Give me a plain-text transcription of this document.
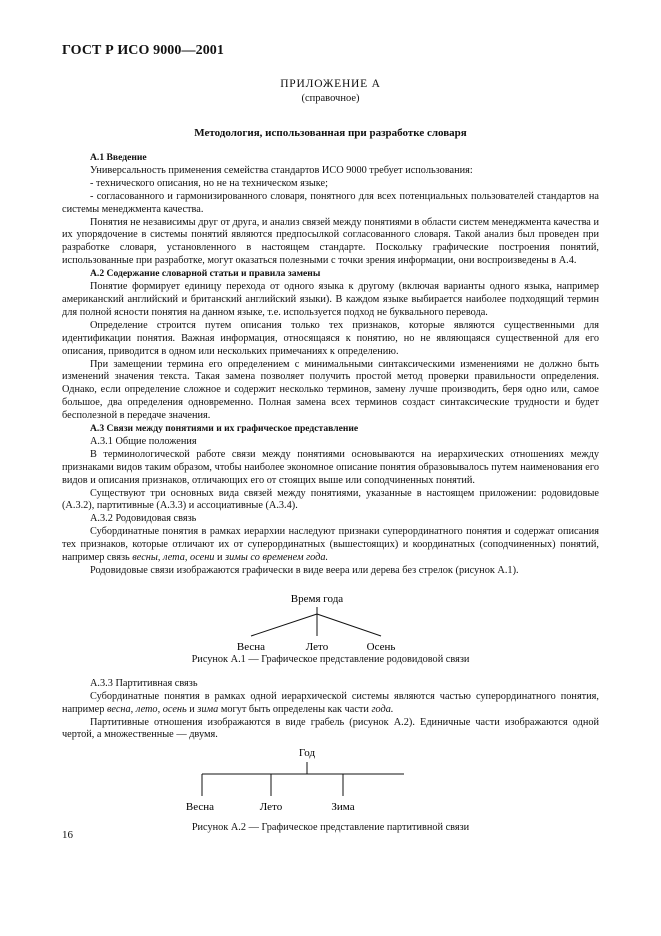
ГОСТ Р ИСО 9000—2001
ПРИЛОЖЕНИЕ А
(справочное)
Методология, использованная при разработке словаря

А.1 Введение

Универсальность применения семейства стандартов ИСО 9000 требует использования:

- технического описания, но не на техническом языке;

- согласованного и гармонизированного словаря, понятного для всех потенциальных пользователей стандартов на системы менеджмента качества.

Понятия не независимы друг от друга, и анализ связей между понятиями в области систем менеджмента качества и их упорядочение в системы понятий являются предпосылкой согласованного словаря. Такой анализ был проведен при разработке словаря, установленного в настоящем стандарте. Поскольку графические построения понятий, использованные при разработке, могут оказаться полезными с точки зрения информации, они воспроизведены в А.4.

А.2 Содержание словарной статьи и правила замены

Понятие формирует единицу перехода от одного языка к другому (включая варианты одного языка, например американский английский и британский английский языки). В каждом языке выбирается наиболее подходящий термин для полной ясности понятия на данном языке, т.е. используется подход не буквального перевода.

Определение строится путем описания только тех признаков, которые являются существенными для идентификации понятия. Важная информация, относящаяся к понятию, но не являющаяся существенной для его описания, приводится в одном или нескольких примечаниях к определению.

При замещении термина его определением с минимальными синтаксическими изменениями не должно быть изменений значения текста. Такая замена позволяет получить простой метод проверки правильности определения. Однако, если определение сложное и содержит несколько терминов, замену лучше производить, беря одно или, самое большое, два определения одновременно. Полная замена всех терминов создаст синтаксические трудности и будет бесполезной в передаче значения.

А.3 Связи между понятиями и их графическое представление

А.3.1 Общие положения

В терминологической работе связи между понятиями основываются на иерархических отношениях между признаками видов таким образом, чтобы наиболее экономное описание понятия образовывалось путем наименования его видов и описания признаков, отличающих его от стоящих выше или соподчиненных понятий.

Существуют три основных вида связей между понятиями, указанные в настоящем приложении: родовидовые (А.3.2), партитивные (А.3.3) и ассоциативные (А.3.4).

А.3.2 Родовидовая связь

Субординатные понятия в рамках иерархии наследуют признаки суперординатного понятия и содержат описания тех признаков, которые отличают их от суперординатных (вышестоящих) и координатных (соподчиненных) понятий, например связь весны, лета, осени и зимы со временем года.

Родовидовые связи изображаются графически в виде веера или дерева без стрелок (рисунок А.1).

Время года
Весна	Лето	Осень

Рисунок А.1 — Графическое представление родовидовой связи

А.3.3 Партитивная связь

Субординатные понятия в рамках одной иерархической системы являются частью суперординатного понятия, например весна, лето, осень и зима могут быть определены как части года.

Партитивные отношения изображаются в виде грабель (рисунок А.2). Единичные части изображаются одной чертой, а множественные — двумя.

Год
Весна	Лето	Зима

Рисунок А.2 — Графическое представление партитивной связи

16
